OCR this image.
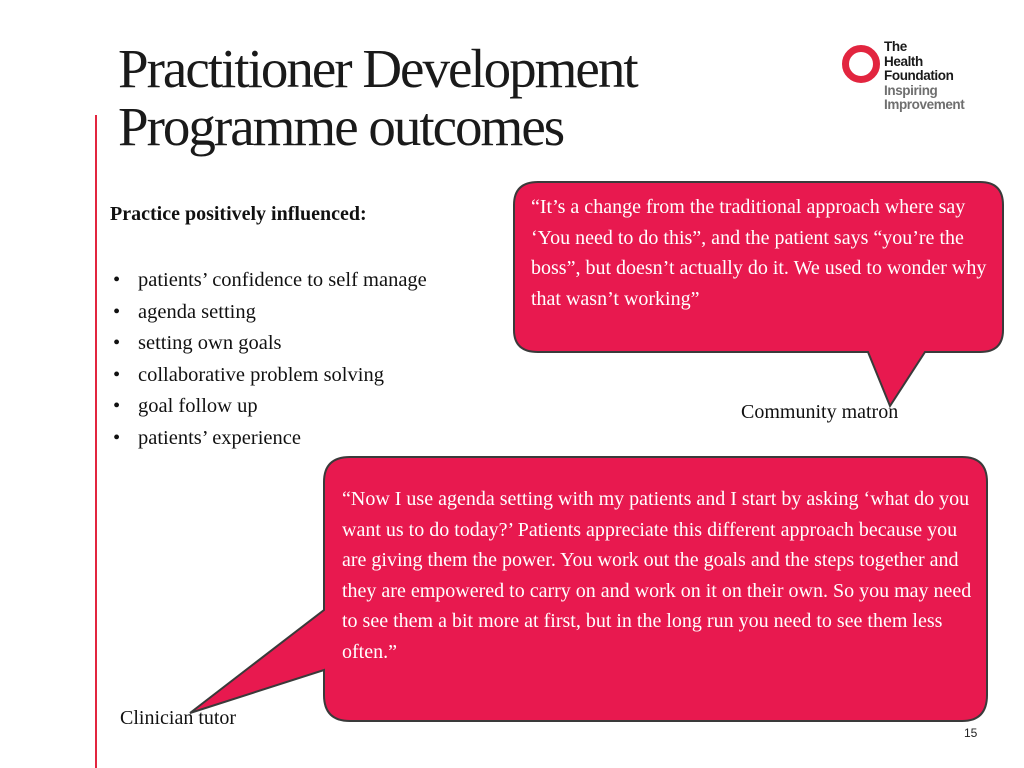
Practitioner Development
Programme outcomes
The
Health
Foundation
Inspiring
Improvement
Practice positively influenced:
• patients’ confidence to self manage
• agenda setting
• setting own goals
• collaborative problem solving
• goal follow up
• patients’ experience
“It’s a change from the traditional approach where say ‘You need to do this”, and the patient says “you’re the boss”, but doesn’t actually do it. We used to wonder why that wasn’t working”
Community matron
“Now I use agenda setting with my patients and I start by asking ‘what do you want us to do today?’ Patients appreciate this different approach because you are giving them the power. You work out the goals and the steps together and they are empowered to carry on and work on it on their own. So you may need to see them a bit more at first, but in the long run you need to see them less often.”
Clinician tutor
15
